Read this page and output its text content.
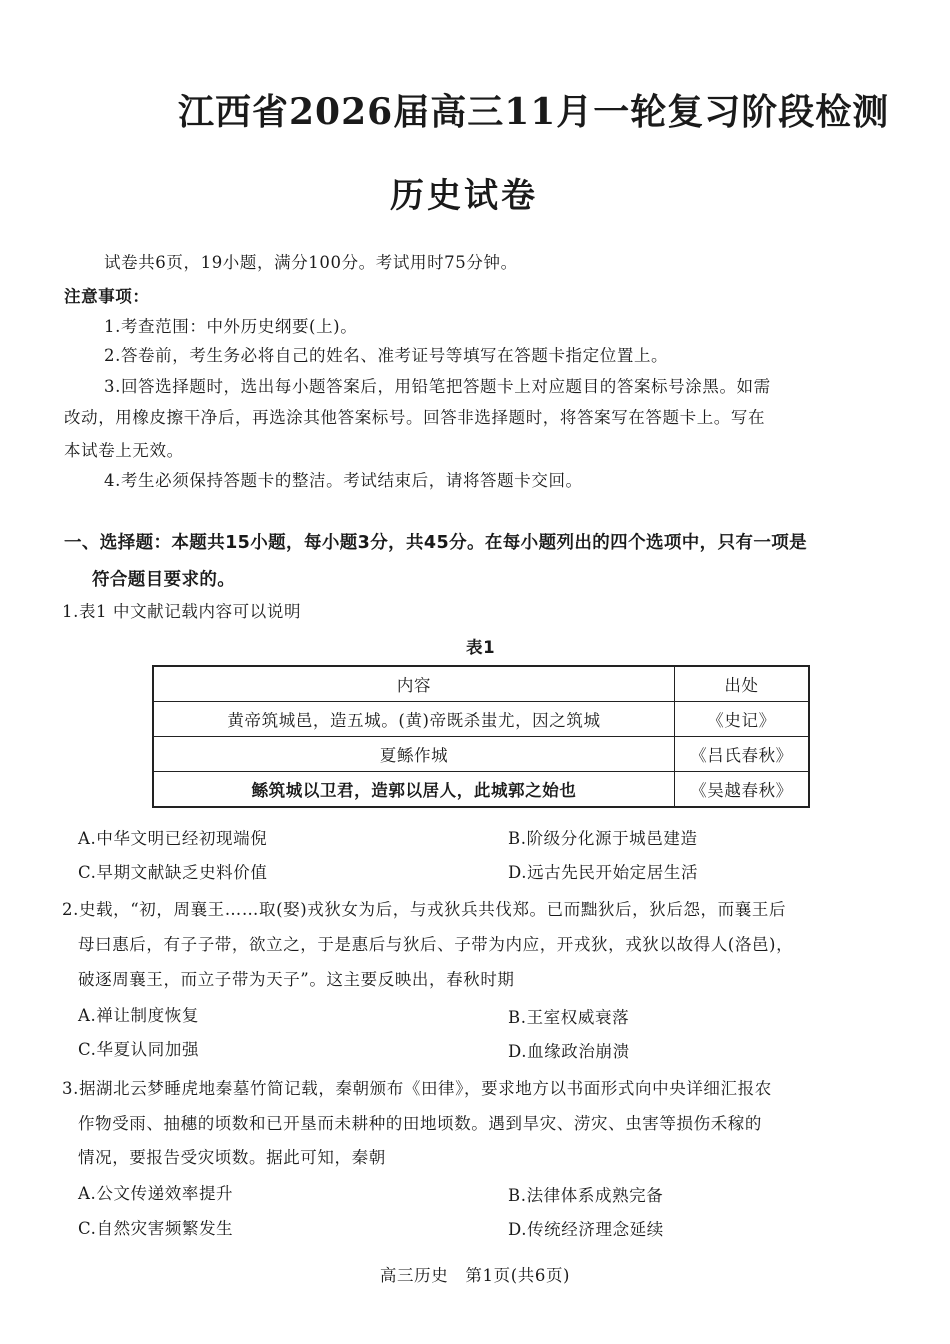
江西省2026届高三11月一轮复习阶段检测
历史试卷
试卷共6页，19小题，满分100分。考试用时75分钟。
注意事项：
1.考查范围：中外历史纲要(上)。
2.答卷前，考生务必将自己的姓名、准考证号等填写在答题卡指定位置上。
3.回答选择题时，选出每小题答案后，用铅笔把答题卡上对应题目的答案标号涂黑。如需
改动，用橡皮擦干净后，再选涂其他答案标号。回答非选择题时，将答案写在答题卡上。写在
本试卷上无效。
4.考生必须保持答题卡的整洁。考试结束后，请将答题卡交回。
一、选择题：本题共15小题，每小题3分，共45分。在每小题列出的四个选项中，只有一项是
符合题目要求的。
1.表1 中文献记载内容可以说明
表1
内容	出处
黄帝筑城邑，造五城。(黄)帝既杀蚩尤，因之筑城	《史记》
夏鲧作城	《吕氏春秋》
鲧筑城以卫君，造郭以居人，此城郭之始也	《吴越春秋》
A.中华文明已经初现端倪	B.阶级分化源于城邑建造
C.早期文献缺乏史料价值	D.远古先民开始定居生活
2.史载，“初，周襄王……取(娶)戎狄女为后，与戎狄兵共伐郑。已而黜狄后，狄后怨，而襄王后
母曰惠后，有子子带，欲立之，于是惠后与狄后、子带为内应，开戎狄，戎狄以故得人(洛邑)，
破逐周襄王，而立子带为天子”。这主要反映出，春秋时期
A.禅让制度恢复	B.王室权威衰落
C.华夏认同加强	D.血缘政治崩溃
3.据湖北云梦睡虎地秦墓竹简记载，秦朝颁布《田律》，要求地方以书面形式向中央详细汇报农
作物受雨、抽穗的顷数和已开垦而未耕种的田地顷数。遇到旱灾、涝灾、虫害等损伤禾稼的
情况，要报告受灾顷数。据此可知，秦朝
A.公文传递效率提升	B.法律体系成熟完备
C.自然灾害频繁发生	D.传统经济理念延续
高三历史　第1页(共6页)
